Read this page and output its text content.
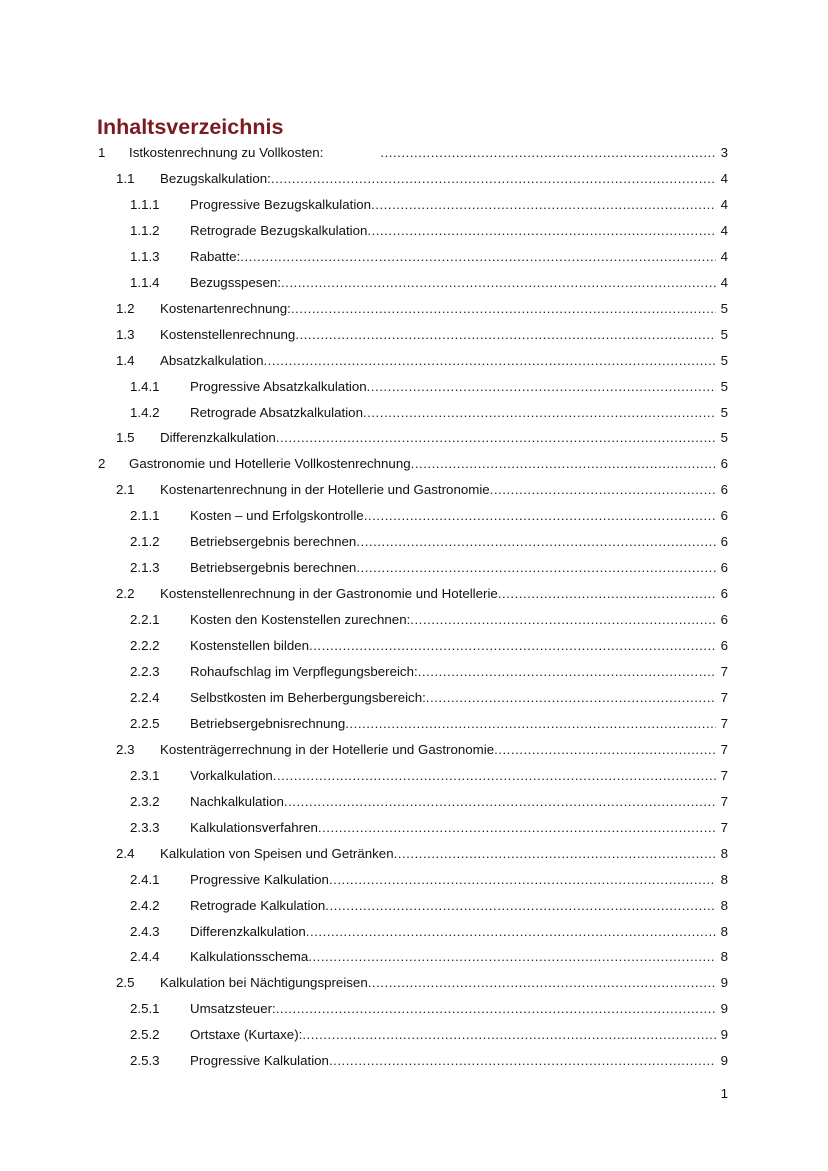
Inhaltsverzeichnis
1 Istkostenrechnung zu Vollkosten: .....	3
1.1 Bezugskalkulation: .....	4
1.1.1 Progressive Bezugskalkulation .....	4
1.1.2 Retrograde Bezugskalkulation .....	4
1.1.3 Rabatte: .....	4
1.1.4 Bezugsspesen: .....	4
1.2 Kostenartenrechnung: .....	5
1.3 Kostenstellenrechnung .....	5
1.4 Absatzkalkulation .....	5
1.4.1 Progressive Absatzkalkulation .....	5
1.4.2 Retrograde Absatzkalkulation .....	5
1.5 Differenzkalkulation .....	5
2 Gastronomie und Hotellerie Vollkostenrechnung .....	6
2.1 Kostenartenrechnung in der Hotellerie und Gastronomie .....	6
2.1.1 Kosten – und Erfolgskontrolle .....	6
2.1.2 Betriebsergebnis berechnen .....	6
2.1.3 Betriebsergebnis berechnen .....	6
2.2 Kostenstellenrechnung in der Gastronomie und Hotellerie .....	6
2.2.1 Kosten den Kostenstellen zurechnen: .....	6
2.2.2 Kostenstellen bilden .....	6
2.2.3 Rohaufschlag im Verpflegungsbereich: .....	7
2.2.4 Selbstkosten im Beherbergungsbereich: .....	7
2.2.5 Betriebsergebnisrechnung .....	7
2.3 Kostenträgerrechnung in der Hotellerie und Gastronomie .....	7
2.3.1 Vorkalkulation .....	7
2.3.2 Nachkalkulation .....	7
2.3.3 Kalkulationsverfahren .....	7
2.4 Kalkulation von Speisen und Getränken .....	8
2.4.1 Progressive Kalkulation .....	8
2.4.2 Retrograde Kalkulation .....	8
2.4.3 Differenzkalkulation .....	8
2.4.4 Kalkulationsschema .....	8
2.5 Kalkulation bei Nächtigungspreisen .....	9
2.5.1 Umsatzsteuer: .....	9
2.5.2 Ortstaxe (Kurtaxe): .....	9
2.5.3 Progressive Kalkulation .....	9
1
